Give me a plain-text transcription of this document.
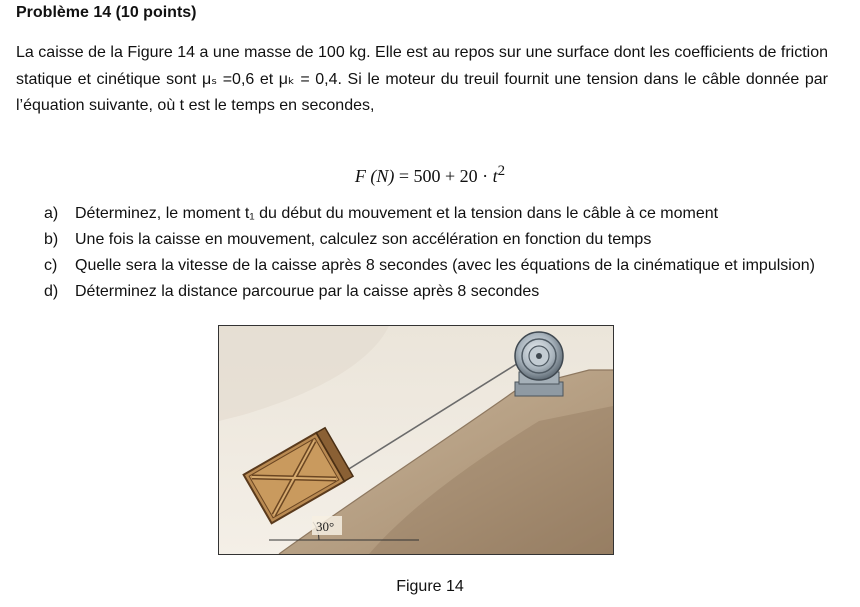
Problème 14 (10 points)

La caisse de la Figure 14 a une masse de 100 kg. Elle est au repos sur une surface dont les coefficients de friction statique et cinétique sont μₛ =0,6 et μₖ = 0,4. Si le moteur du treuil fournit une tension dans le câble donnée par l’équation suivante, où t est le temps en secondes,

F $(N) = 500 + 20 \cdot t^2$
a) Déterminez, le moment t₁ du début du mouvement et la tension dans le câble à ce moment
b) Une fois la caisse en mouvement, calculez son accélération en fonction du temps
c) Quelle sera la vitesse de la caisse après 8 secondes (avec les équations de la cinématique et impulsion)
d) Déterminez la distance parcourue par la caisse après 8 secondes
30°
Figure 14
